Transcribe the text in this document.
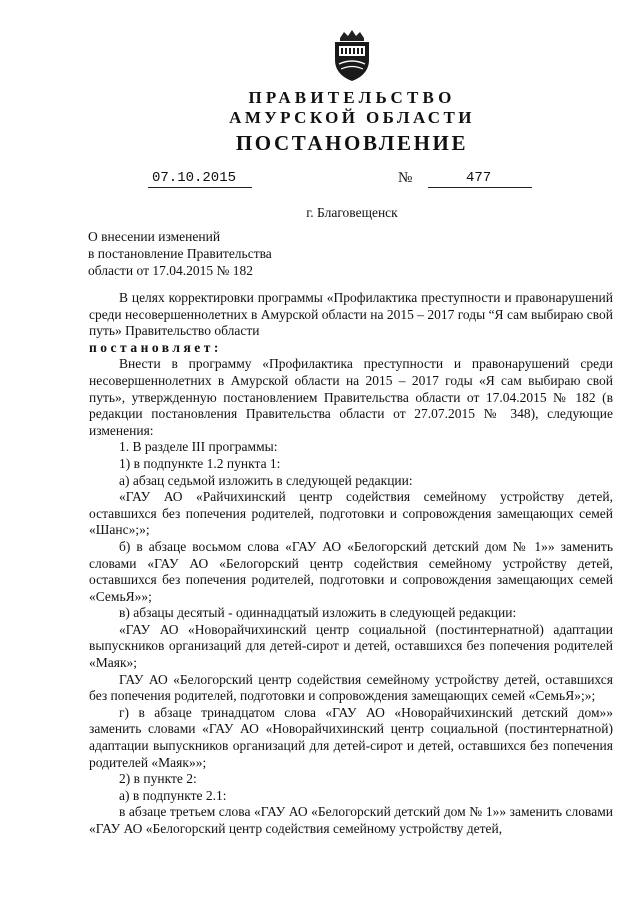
ПРАВИТЕЛЬСТВО
АМУРСКОЙ ОБЛАСТИ
ПОСТАНОВЛЕНИЕ
07.10.2015	№	477
г. Благовещенск
О внесении изменений
в постановление Правительства
области от 17.04.2015 № 182

В целях корректировки программы «Профилактика преступности и правонарушений среди несовершеннолетних в Амурской области на 2015 – 2017 годы “Я сам выбираю свой путь» Правительство области

постановляет:

Внести в программу «Профилактика преступности и правонарушений среди несовершеннолетних в Амурской области на 2015 – 2017 годы «Я сам выбираю свой путь», утвержденную постановлением Правительства области от 17.04.2015 № 182 (в редакции постановления Правительства области от 27.07.2015 № 348), следующие изменения:

1. В разделе III программы:

1) в подпункте 1.2 пункта 1:

а) абзац седьмой изложить в следующей редакции:

«ГАУ АО «Райчихинский центр содействия семейному устройству детей, оставшихся без попечения родителей, подготовки и сопровождения замещающих семей «Шанс»;»;

б) в абзаце восьмом слова «ГАУ АО «Белогорский детский дом № 1»» заменить словами «ГАУ АО «Белогорский центр содействия семейному устройству детей, оставшихся без попечения родителей, подготовки и сопровождения замещающих семей «СемьЯ»»;

в) абзацы десятый - одиннадцатый изложить в следующей редакции:

«ГАУ АО «Новорайчихинский центр социальной (постинтернатной) адаптации выпускников организаций для детей-сирот и детей, оставшихся без попечения родителей «Маяк»;

ГАУ АО «Белогорский центр содействия семейному устройству детей, оставшихся без попечения родителей, подготовки и сопровождения замещающих семей «СемьЯ»;»;

г) в абзаце тринадцатом слова «ГАУ АО «Новорайчихинский детский дом»» заменить словами «ГАУ АО «Новорайчихинский центр социальной (постинтернатной) адаптации выпускников организаций для детей-сирот и детей, оставшихся без попечения родителей «Маяк»»;

2) в пункте 2:

а) в подпункте 2.1:

в абзаце третьем слова «ГАУ АО «Белогорский детский дом № 1»» заменить словами «ГАУ АО «Белогорский центр содействия семейному устройству детей,
